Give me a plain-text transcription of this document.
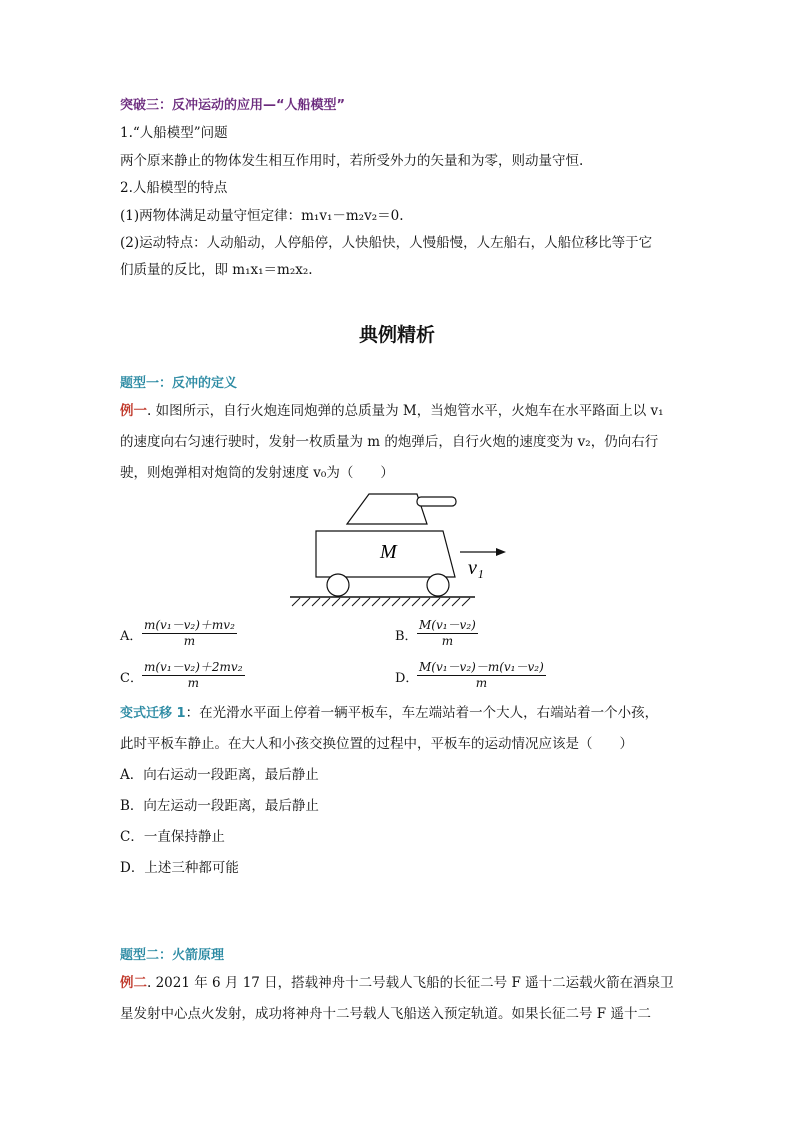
突破三：反冲运动的应用—“人船模型”
1.“人船模型”问题
两个原来静止的物体发生相互作用时，若所受外力的矢量和为零，则动量守恒.
2.人船模型的特点
(1)两物体满足动量守恒定律：m₁v₁－m₂v₂＝0.
(2)运动特点：人动船动，人停船停，人快船快，人慢船慢，人左船右，人船位移比等于它
们质量的反比，即 m₁x₁＝m₂x₂.
典例精析
题型一：反冲的定义
例一. 如图所示，自行火炮连同炮弹的总质量为 M，当炮管水平，火炮车在水平路面上以 v₁
的速度向右匀速行驶时，发射一枚质量为 m 的炮弹后，自行火炮的速度变为 v₂，仍向右行
驶，则炮弹相对炮筒的发射速度 v₀为（　　）
M
v₁
A． $\frac{\text{m(v₁－v₂)＋mv₂}}{m}$	B． $\frac{\text{M(v₁－v₂)}}{m}$
C． $\frac{\text{m(v₁－v₂)＋2mv₂}}{m}$	D．
$\frac{\text{M(v₁－v₂)－m(v₁－v₂)}}{m}$
变式迁移 1：在光滑水平面上停着一辆平板车，车左端站着一个大人，右端站着一个小孩，
此时平板车静止。在大人和小孩交换位置的过程中，平板车的运动情况应该是（　　）
A．向右运动一段距离，最后静止
B．向左运动一段距离，最后静止
C．一直保持静止
D．上述三种都可能
题型二：火箭原理
例二. 2021 年 6 月 17 日，搭载神舟十二号载人飞船的长征二号 F 遥十二运载火箭在酒泉卫
星发射中心点火发射，成功将神舟十二号载人飞船送入预定轨道。如果长征二号 F 遥十二
